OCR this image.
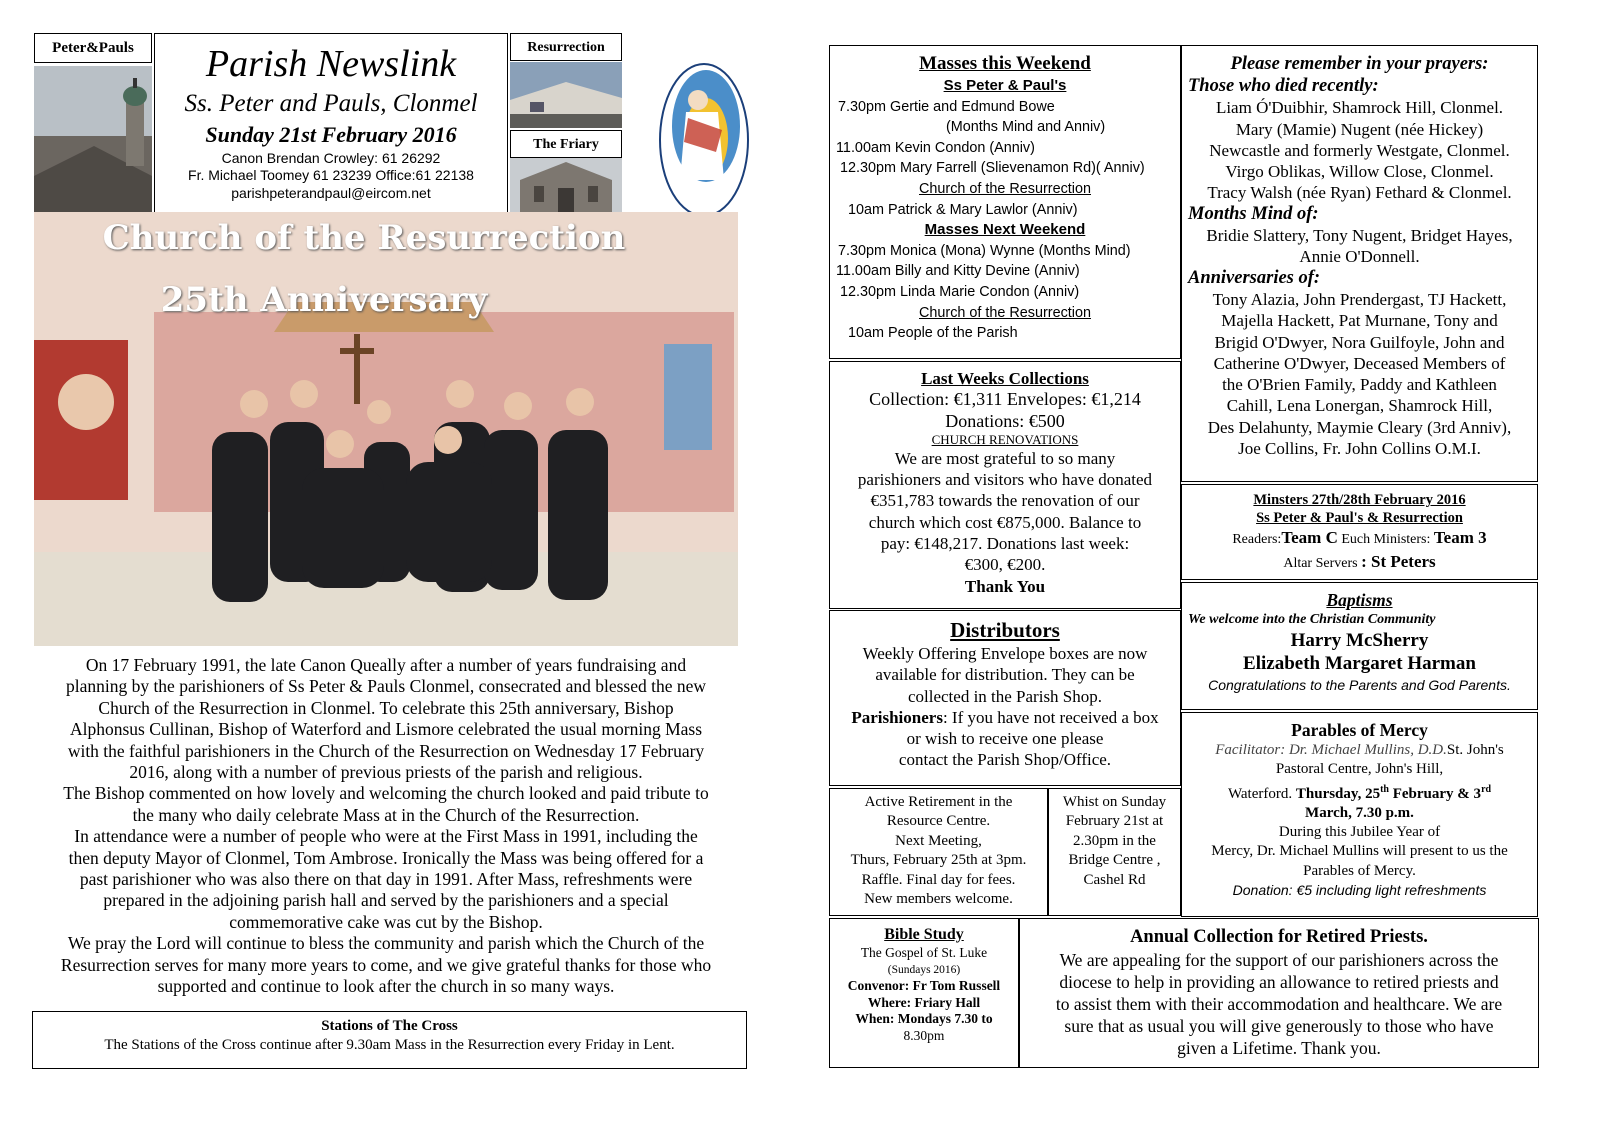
Peter&Pauls	Parish Newslink
Ss. Peter and Pauls, Clonmel
Sunday 21st February 2016
Canon Brendan Crowley: 61 26292
Fr. Michael Toomey 61 23239 Office:61 22138
parishpeterandpaul@eircom.net
Resurrection
The Friary
Church of the Resurrection
25th Anniversary
On 17 February 1991, the late Canon Queally after a number of years fundraising and
planning by the parishioners of Ss Peter & Pauls Clonmel, consecrated and blessed the new
Church of the Resurrection in Clonmel. To celebrate this 25th anniversary, Bishop
Alphonsus Cullinan, Bishop of Waterford and Lismore celebrated the usual morning Mass
with the faithful parishioners in the Church of the Resurrection on Wednesday 17 February
2016, along with a number of previous priests of the parish and religious.
The Bishop commented on how lovely and welcoming the church looked and paid tribute to
the many who daily celebrate Mass at in the Church of the Resurrection.
In attendance were a number of people who were at the First Mass in 1991, including the
then deputy Mayor of Clonmel, Tom Ambrose. Ironically the Mass was being offered for a
past parishioner who was also there on that day in 1991. After Mass, refreshments were
prepared in the adjoining parish hall and served by the parishioners and a special
commemorative cake was cut by the Bishop.
We pray the Lord will continue to bless the community and parish which the Church of the
Resurrection serves for many more years to come, and we give grateful thanks for those who
supported and continue to look after the church in so many ways.
Stations of The Cross
The Stations of the Cross continue after 9.30am Mass in the Resurrection every Friday in Lent.
Masses this Weekend
Ss Peter & Paul's
7.30pm Gertie and Edmund Bowe
(Months Mind and Anniv)
11.00am Kevin Condon (Anniv)
12.30pm Mary Farrell (Slievenamon Rd)( Anniv)
Church of the Resurrection
10am Patrick & Mary Lawlor (Anniv)
Masses Next Weekend
7.30pm Monica (Mona) Wynne (Months Mind)
11.00am Billy and Kitty Devine (Anniv)
12.30pm Linda Marie Condon (Anniv)
Church of the Resurrection
10am People of the Parish
Last Weeks Collections
Collection: €1,311 Envelopes: €1,214
Donations: €500
CHURCH RENOVATIONS
We are most grateful to so many
parishioners and visitors who have donated
€351,783 towards the renovation of our
church which cost €875,000. Balance to
pay: €148,217. Donations last week:
€300, €200.
Thank You
Distributors
Weekly Offering Envelope boxes are now
available for distribution. They can be
collected in the Parish Shop.
Parishioners: If you have not received a box
or wish to receive one please
contact the Parish Shop/Office.
Active Retirement in the
Resource Centre.
Next Meeting,
Thurs, February 25th at 3pm.
Raffle. Final day for fees.
New members welcome.
Whist on Sunday
February 21st at
2.30pm in the
Bridge Centre ,
Cashel Rd
Bible Study
The Gospel of St. Luke
(Sundays 2016)
Convenor: Fr Tom Russell
Where: Friary Hall
When: Mondays 7.30 to
8.30pm
Annual Collection for Retired Priests.
We are appealing for the support of our parishioners across the
diocese to help in providing an allowance to retired priests and
to assist them with their accommodation and healthcare. We are
sure that as usual you will give generously to those who have
given a Lifetime. Thank you.
Please remember in your prayers:
Those who died recently:
Liam Ó'Duibhir, Shamrock Hill, Clonmel.
Mary (Mamie) Nugent (née Hickey)
Newcastle and formerly Westgate, Clonmel.
Virgo Oblikas, Willow Close, Clonmel.
Tracy Walsh (née Ryan) Fethard & Clonmel.
Months Mind of:
Bridie Slattery, Tony Nugent, Bridget Hayes,
Annie O'Donnell.
Anniversaries of:
Tony Alazia, John Prendergast, TJ Hackett,
Majella Hackett, Pat Murnane, Tony and
Brigid O'Dwyer, Nora Guilfoyle, John and
Catherine O'Dwyer, Deceased Members of
the O'Brien Family, Paddy and Kathleen
Cahill, Lena Lonergan, Shamrock Hill,
Des Delahunty, Maymie Cleary (3rd Anniv),
Joe Collins, Fr. John Collins O.M.I.
Minsters 27th/28th February 2016
Ss Peter & Paul's & Resurrection
Readers:Team C Euch Ministers: Team 3
Altar Servers : St Peters
Baptisms
We welcome into the Christian Community
Harry McSherry
Elizabeth Margaret Harman
Congratulations to the Parents and God Parents.
Parables of Mercy
Facilitator: Dr. Michael Mullins, D.D.St. John's
Pastoral Centre, John's Hill,
Waterford. Thursday, 25th February & 3rd
March, 7.30 p.m.
During this Jubilee Year of
Mercy, Dr. Michael Mullins will present to us the
Parables of Mercy.
Donation: €5 including light refreshments
